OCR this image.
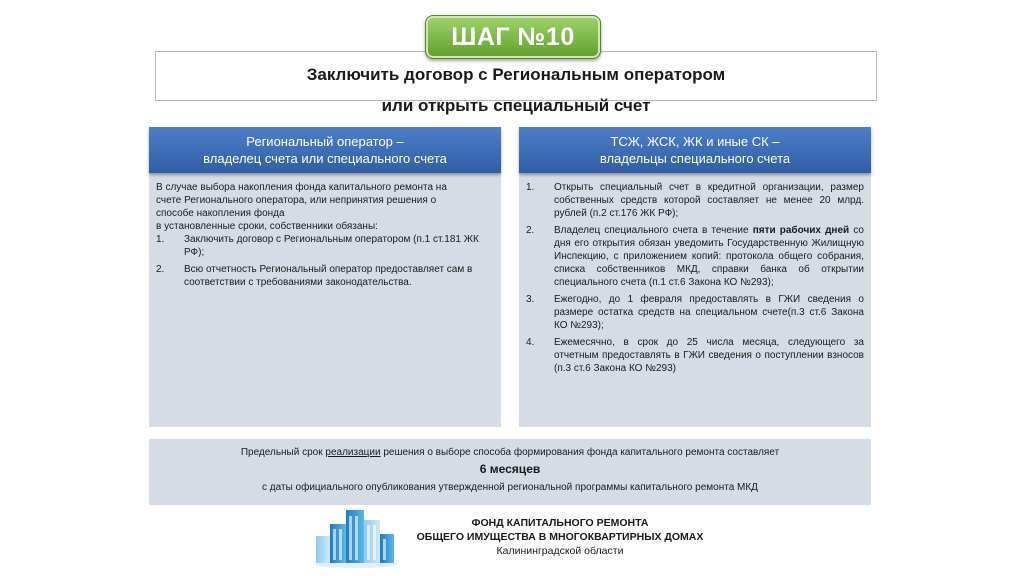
ШАГ №10
Заключить договор с Региональным оператором
или открыть специальный счет
Региональный оператор –
владелец счета или специального счета

В случае выбора накопления фонда капитального ремонта на

счете Регионального оператора, или непринятия решения о

способе накопления фонда

в установленные сроки, собственники обязаны:

1.	Заключить договор с Региональным оператором (п.1 ст.181 ЖК РФ);
2.	Всю отчетность Региональный оператор предоставляет сам в соответствии с требованиями законодательства.
ТСЖ, ЖСК, ЖК и иные СК –
владельцы специального счета
1.	Открыть специальный счет в кредитной организации, размер собственных средств которой составляет не менее 20 млрд. рублей (п.2 ст.176 ЖК РФ);
2.	Владелец специального счета в течение пяти рабочих дней со дня его открытия обязан уведомить Государственную Жилищную Инспекцию, с приложением копий: протокола общего собрания, списка собственников МКД, справки банка об открытии специального счета (п.1 ст.6 Закона КО №293);
3.	Ежегодно, до 1 февраля предоставлять в ГЖИ сведения о размере остатка средств на специальном счете(п.3 ст.6 Закона КО №293);
4.	Ежемесячно, в срок до 25 числа месяца, следующего за отчетным предоставлять в ГЖИ сведения о поступлении взносов (п.3 ст.6 Закона КО №293)
Предельный срок реализации решения о выборе способа формирования фонда капитального ремонта составляет
6 месяцев
с даты официального опубликования утвержденной региональной программы капитального ремонта МКД
ФОНД КАПИТАЛЬНОГО РЕМОНТА
ОБЩЕГО ИМУЩЕСТВА В МНОГОКВАРТИРНЫХ ДОМАХ
Калининградской области
